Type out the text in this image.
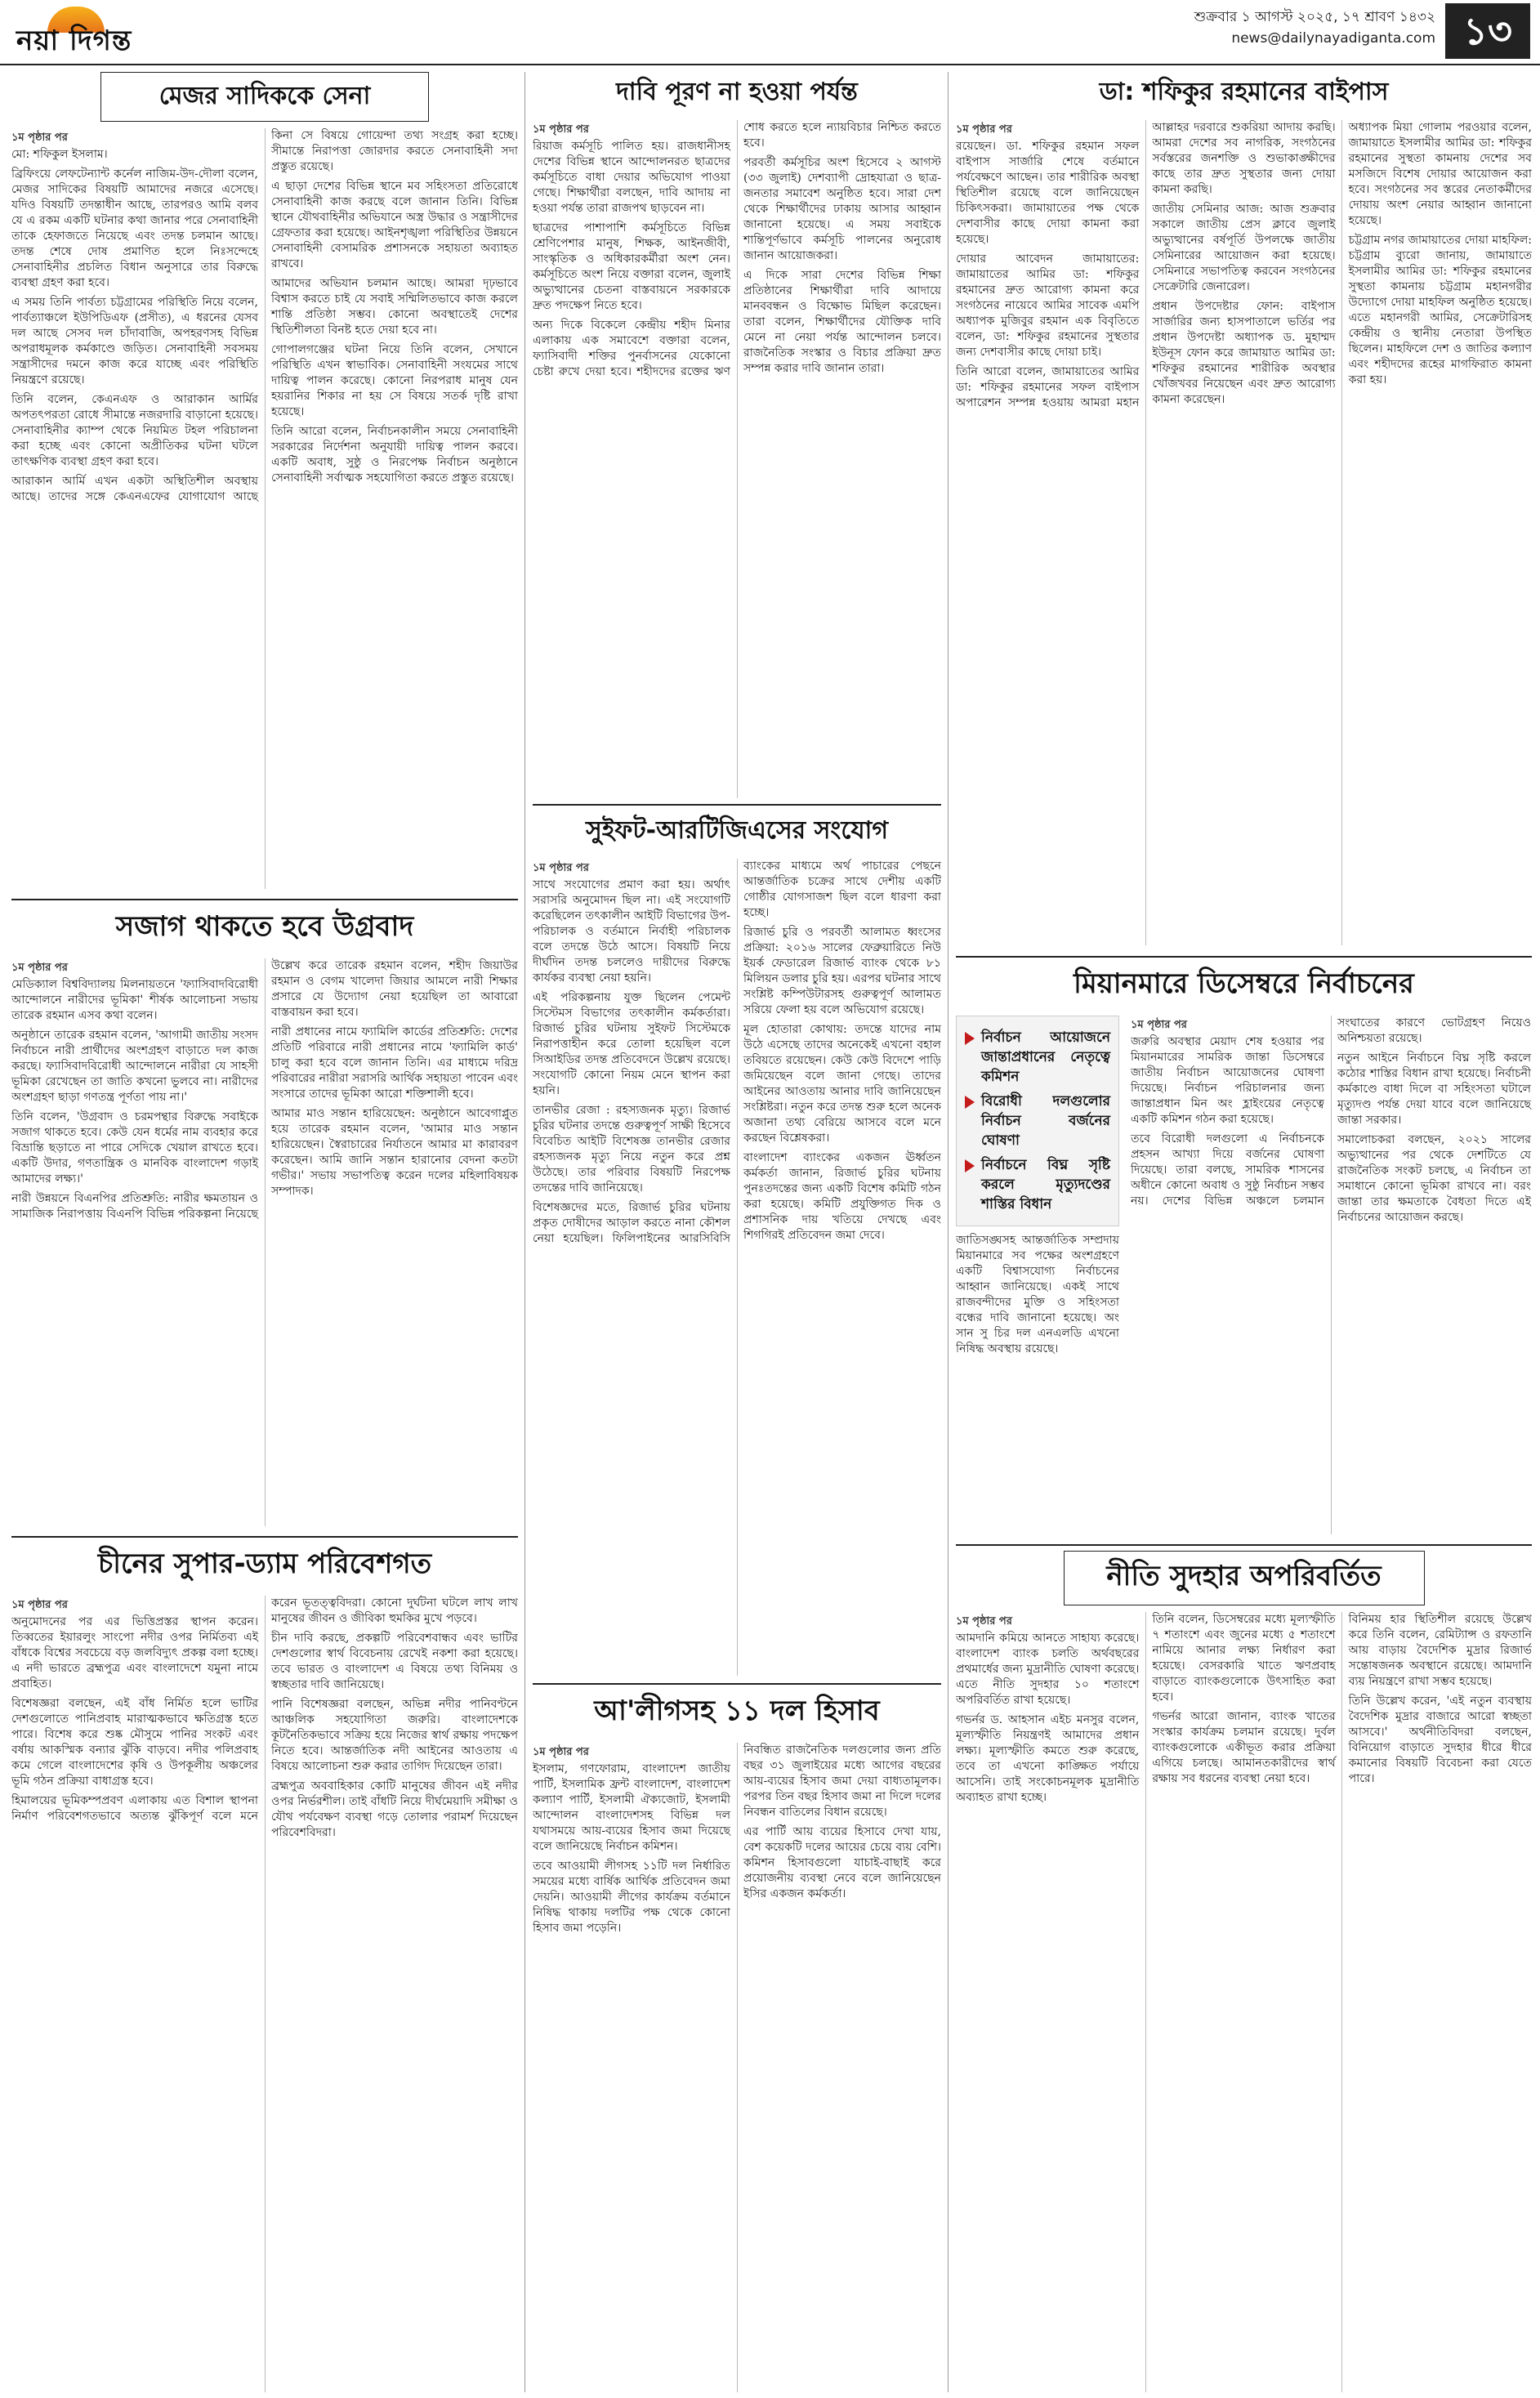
নয়া দিগন্ত
শুক্রবার ১ আগস্ট ২০২৫, ১৭ শ্রাবণ ১৪৩২
news@dailynayadiganta.com ১৩
মেজর সাদিককে সেনা
১ম পৃষ্ঠার পর

মো: শফিকুল ইসলাম।

ব্রিফিংয়ে লেফটেন্যান্ট কর্নেল নাজিম-উদ-দৌলা বলেন, মেজর সাদিকের বিষয়টি আমাদের নজরে এসেছে। যদিও বিষয়টি তদন্তাধীন আছে, তারপরও আমি বলব যে এ রকম একটি ঘটনার কথা জানার পরে সেনাবাহিনী তাকে হেফাজতে নিয়েছে এবং তদন্ত চলমান আছে। তদন্ত শেষে দোষ প্রমাণিত হলে নিঃসন্দেহে সেনাবাহিনীর প্রচলিত বিধান অনুসারে তার বিরুদ্ধে ব্যবস্থা গ্রহণ করা হবে।

এ সময় তিনি পার্বত্য চট্টগ্রামের পরিস্থিতি নিয়ে বলেন, পার্বত্যাঞ্চলে ইউপিডিএফ (প্রসীত), এ ধরনের যেসব দল আছে সেসব দল চাঁদাবাজি, অপহরণসহ বিভিন্ন অপরাধমূলক কর্মকাণ্ডে জড়িত। সেনাবাহিনী সবসময় সন্ত্রাসীদের দমনে কাজ করে যাচ্ছে এবং পরিস্থিতি নিয়ন্ত্রণে রয়েছে।

তিনি বলেন, কেএনএফ ও আরাকান আর্মির অপতৎপরতা রোধে সীমান্তে নজরদারি বাড়ানো হয়েছে। সেনাবাহিনীর ক্যাম্প থেকে নিয়মিত টহল পরিচালনা করা হচ্ছে এবং কোনো অপ্রীতিকর ঘটনা ঘটলে তাৎক্ষণিক ব্যবস্থা গ্রহণ করা হবে।

আরাকান আর্মি এখন একটা অস্থিতিশীল অবস্থায় আছে। তাদের সঙ্গে কেএনএফের যোগাযোগ আছে কিনা সে বিষয়ে গোয়েন্দা তথ্য সংগ্রহ করা হচ্ছে। সীমান্তে নিরাপত্তা জোরদার করতে সেনাবাহিনী সদা প্রস্তুত রয়েছে।

এ ছাড়া দেশের বিভিন্ন স্থানে মব সহিংসতা প্রতিরোধে সেনাবাহিনী কাজ করছে বলে জানান তিনি। বিভিন্ন স্থানে যৌথবাহিনীর অভিযানে অস্ত্র উদ্ধার ও সন্ত্রাসীদের গ্রেফতার করা হয়েছে। আইনশৃঙ্খলা পরিস্থিতির উন্নয়নে সেনাবাহিনী বেসামরিক প্রশাসনকে সহায়তা অব্যাহত রাখবে।

আমাদের অভিযান চলমান আছে। আমরা দৃঢ়ভাবে বিশ্বাস করতে চাই যে সবাই সম্মিলিতভাবে কাজ করলে শান্তি প্রতিষ্ঠা সম্ভব। কোনো অবস্থাতেই দেশের স্থিতিশীলতা বিনষ্ট হতে দেয়া হবে না।

গোপালগঞ্জের ঘটনা নিয়ে তিনি বলেন, সেখানে পরিস্থিতি এখন স্বাভাবিক। সেনাবাহিনী সংযমের সাথে দায়িত্ব পালন করেছে। কোনো নিরপরাধ মানুষ যেন হয়রানির শিকার না হয় সে বিষয়ে সতর্ক দৃষ্টি রাখা হয়েছে।

তিনি আরো বলেন, নির্বাচনকালীন সময়ে সেনাবাহিনী সরকারের নির্দেশনা অনুযায়ী দায়িত্ব পালন করবে। একটি অবাধ, সুষ্ঠু ও নিরপেক্ষ নির্বাচন অনুষ্ঠানে সেনাবাহিনী সর্বাত্মক সহযোগিতা করতে প্রস্তুত রয়েছে।

দাবি পূরণ না হওয়া পর্যন্ত
১ম পৃষ্ঠার পর

রিয়াজ কর্মসূচি পালিত হয়। রাজধানীসহ দেশের বিভিন্ন স্থানে আন্দোলনরত ছাত্রদের কর্মসূচিতে বাধা দেয়ার অভিযোগ পাওয়া গেছে। শিক্ষার্থীরা বলছেন, দাবি আদায় না হওয়া পর্যন্ত তারা রাজপথ ছাড়বেন না।

ছাত্রদের পাশাপাশি কর্মসূচিতে বিভিন্ন শ্রেণিপেশার মানুষ, শিক্ষক, আইনজীবী, সাংস্কৃতিক ও অধিকারকর্মীরা অংশ নেন। কর্মসূচিতে অংশ নিয়ে বক্তারা বলেন, জুলাই অভ্যুত্থানের চেতনা বাস্তবায়নে সরকারকে দ্রুত পদক্ষেপ নিতে হবে।

অন্য দিকে বিকেলে কেন্দ্রীয় শহীদ মিনার এলাকায় এক সমাবেশে বক্তারা বলেন, ফ্যাসিবাদী শক্তির পুনর্বাসনের যেকোনো চেষ্টা রুখে দেয়া হবে। শহীদদের রক্তের ঋণ শোধ করতে হলে ন্যায়বিচার নিশ্চিত করতে হবে।

পরবর্তী কর্মসূচির অংশ হিসেবে ২ আগস্ট (৩৩ জুলাই) দেশব্যাপী দ্রোহযাত্রা ও ছাত্র-জনতার সমাবেশ অনুষ্ঠিত হবে। সারা দেশ থেকে শিক্ষার্থীদের ঢাকায় আসার আহ্বান জানানো হয়েছে। এ সময় সবাইকে শান্তিপূর্ণভাবে কর্মসূচি পালনের অনুরোধ জানান আয়োজকরা।

এ দিকে সারা দেশের বিভিন্ন শিক্ষা প্রতিষ্ঠানের শিক্ষার্থীরা দাবি আদায়ে মানববন্ধন ও বিক্ষোভ মিছিল করেছেন। তারা বলেন, শিক্ষার্থীদের যৌক্তিক দাবি মেনে না নেয়া পর্যন্ত আন্দোলন চলবে। রাজনৈতিক সংস্কার ও বিচার প্রক্রিয়া দ্রুত সম্পন্ন করার দাবি জানান তারা।

ডা: শফিকুর রহমানের বাইপাস
১ম পৃষ্ঠার পর

রয়েছেন। ডা. শফিকুর রহমান সফল বাইপাস সার্জারি শেষে বর্তমানে পর্যবেক্ষণে আছেন। তার শারীরিক অবস্থা স্থিতিশীল রয়েছে বলে জানিয়েছেন চিকিৎসকরা। জামায়াতের পক্ষ থেকে দেশবাসীর কাছে দোয়া কামনা করা হয়েছে।

দোয়ার আবেদন জামায়াতের: জামায়াতের আমির ডা: শফিকুর রহমানের দ্রুত আরোগ্য কামনা করে সংগঠনের নায়েবে আমির সাবেক এমপি অধ্যাপক মুজিবুর রহমান এক বিবৃতিতে বলেন, ডা: শফিকুর রহমানের সুস্থতার জন্য দেশবাসীর কাছে দোয়া চাই।

তিনি আরো বলেন, জামায়াতের আমির ডা: শফিকুর রহমানের সফল বাইপাস অপারেশন সম্পন্ন হওয়ায় আমরা মহান আল্লাহর দরবারে শুকরিয়া আদায় করছি। আমরা দেশের সব নাগরিক, সংগঠনের সর্বস্তরের জনশক্তি ও শুভাকাঙ্ক্ষীদের কাছে তার দ্রুত সুস্থতার জন্য দোয়া কামনা করছি।

জাতীয় সেমিনার আজ: আজ শুক্রবার সকালে জাতীয় প্রেস ক্লাবে জুলাই অভ্যুত্থানের বর্ষপূর্তি উপলক্ষে জাতীয় সেমিনারের আয়োজন করা হয়েছে। সেমিনারে সভাপতিত্ব করবেন সংগঠনের সেক্রেটারি জেনারেল।

প্রধান উপদেষ্টার ফোন: বাইপাস সার্জারির জন্য হাসপাতালে ভর্তির পর প্রধান উপদেষ্টা অধ্যাপক ড. মুহাম্মদ ইউনূস ফোন করে জামায়াত আমির ডা: শফিকুর রহমানের শারীরিক অবস্থার খোঁজখবর নিয়েছেন এবং দ্রুত আরোগ্য কামনা করেছেন।

অধ্যাপক মিয়া গোলাম পরওয়ার বলেন, জামায়াতে ইসলামীর আমির ডা: শফিকুর রহমানের সুস্থতা কামনায় দেশের সব মসজিদে বিশেষ দোয়ার আয়োজন করা হবে। সংগঠনের সব স্তরের নেতাকর্মীদের দোয়ায় অংশ নেয়ার আহ্বান জানানো হয়েছে।

চট্টগ্রাম নগর জামায়াতের দোয়া মাহফিল: চট্টগ্রাম ব্যুরো জানায়, জামায়াতে ইসলামীর আমির ডা: শফিকুর রহমানের সুস্থতা কামনায় চট্টগ্রাম মহানগরীর উদ্যোগে দোয়া মাহফিল অনুষ্ঠিত হয়েছে। এতে মহানগরী আমির, সেক্রেটারিসহ কেন্দ্রীয় ও স্থানীয় নেতারা উপস্থিত ছিলেন। মাহফিলে দেশ ও জাতির কল্যাণ এবং শহীদদের রূহের মাগফিরাত কামনা করা হয়।

সজাগ থাকতে হবে উগ্রবাদ
১ম পৃষ্ঠার পর

মেডিক্যাল বিশ্ববিদ্যালয় মিলনায়তনে 'ফ্যাসিবাদবিরোধী আন্দোলনে নারীদের ভূমিকা' শীর্ষক আলোচনা সভায় তারেক রহমান এসব কথা বলেন।

অনুষ্ঠানে তারেক রহমান বলেন, 'আগামী জাতীয় সংসদ নির্বাচনে নারী প্রার্থীদের অংশগ্রহণ বাড়াতে দল কাজ করছে। ফ্যাসিবাদবিরোধী আন্দোলনে নারীরা যে সাহসী ভূমিকা রেখেছেন তা জাতি কখনো ভুলবে না। নারীদের অংশগ্রহণ ছাড়া গণতন্ত্র পূর্ণতা পায় না।'

তিনি বলেন, 'উগ্রবাদ ও চরমপন্থার বিরুদ্ধে সবাইকে সজাগ থাকতে হবে। কেউ যেন ধর্মের নাম ব্যবহার করে বিভ্রান্তি ছড়াতে না পারে সেদিকে খেয়াল রাখতে হবে। একটি উদার, গণতান্ত্রিক ও মানবিক বাংলাদেশ গড়াই আমাদের লক্ষ্য।'

নারী উন্নয়নে বিএনপির প্রতিশ্রুতি: নারীর ক্ষমতায়ন ও সামাজিক নিরাপত্তায় বিএনপি বিভিন্ন পরিকল্পনা নিয়েছে উল্লেখ করে তারেক রহমান বলেন, শহীদ জিয়াউর রহমান ও বেগম খালেদা জিয়ার আমলে নারী শিক্ষার প্রসারে যে উদ্যোগ নেয়া হয়েছিল তা আবারো বাস্তবায়ন করা হবে।

নারী প্রধানের নামে ফ্যামিলি কার্ডের প্রতিশ্রুতি: দেশের প্রতিটি পরিবারে নারী প্রধানের নামে 'ফ্যামিলি কার্ড' চালু করা হবে বলে জানান তিনি। এর মাধ্যমে দরিদ্র পরিবারের নারীরা সরাসরি আর্থিক সহায়তা পাবেন এবং সংসারে তাদের ভূমিকা আরো শক্তিশালী হবে।

আমার মাও সন্তান হারিয়েছেন: অনুষ্ঠানে আবেগাপ্লুত হয়ে তারেক রহমান বলেন, 'আমার মাও সন্তান হারিয়েছেন। স্বৈরাচারের নির্যাতনে আমার মা কারাবরণ করেছেন। আমি জানি সন্তান হারানোর বেদনা কতটা গভীর।' সভায় সভাপতিত্ব করেন দলের মহিলাবিষয়ক সম্পাদক।

সুইফট-আরটিজিএসের সংযোগ
১ম পৃষ্ঠার পর

সাথে সংযোগের প্রমাণ করা হয়। অর্থাৎ সরাসরি অনুমোদন ছিল না। এই সংযোগটি করেছিলেন তৎকালীন আইটি বিভাগের উপ-পরিচালক ও বর্তমানে নির্বাহী পরিচালক বলে তদন্তে উঠে আসে। বিষয়টি নিয়ে দীর্ঘদিন তদন্ত চললেও দায়ীদের বিরুদ্ধে কার্যকর ব্যবস্থা নেয়া হয়নি।

এই পরিকল্পনায় যুক্ত ছিলেন পেমেন্ট সিস্টেমস বিভাগের তৎকালীন কর্মকর্তারা। রিজার্ভ চুরির ঘটনায় সুইফট সিস্টেমকে নিরাপত্তাহীন করে তোলা হয়েছিল বলে সিআইডির তদন্ত প্রতিবেদনে উল্লেখ রয়েছে। সংযোগটি কোনো নিয়ম মেনে স্থাপন করা হয়নি।

তানভীর রেজা : রহস্যজনক মৃত্যু। রিজার্ভ চুরির ঘটনার তদন্তে গুরুত্বপূর্ণ সাক্ষী হিসেবে বিবেচিত আইটি বিশেষজ্ঞ তানভীর রেজার রহস্যজনক মৃত্যু নিয়ে নতুন করে প্রশ্ন উঠেছে। তার পরিবার বিষয়টি নিরপেক্ষ তদন্তের দাবি জানিয়েছে।

বিশেষজ্ঞদের মতে, রিজার্ভ চুরির ঘটনায় প্রকৃত দোষীদের আড়াল করতে নানা কৌশল নেয়া হয়েছিল। ফিলিপাইনের আরসিবিসি ব্যাংকের মাধ্যমে অর্থ পাচারের পেছনে আন্তর্জাতিক চক্রের সাথে দেশীয় একটি গোষ্ঠীর যোগসাজশ ছিল বলে ধারণা করা হচ্ছে।

রিজার্ভ চুরি ও পরবর্তী আলামত ধ্বংসের প্রক্রিয়া: ২০১৬ সালের ফেব্রুয়ারিতে নিউ ইয়র্ক ফেডারেল রিজার্ভ ব্যাংক থেকে ৮১ মিলিয়ন ডলার চুরি হয়। এরপর ঘটনার সাথে সংশ্লিষ্ট কম্পিউটারসহ গুরুত্বপূর্ণ আলামত সরিয়ে ফেলা হয় বলে অভিযোগ রয়েছে।

মূল হোতারা কোথায়: তদন্তে যাদের নাম উঠে এসেছে তাদের অনেকেই এখনো বহাল তবিয়তে রয়েছেন। কেউ কেউ বিদেশে পাড়ি জমিয়েছেন বলে জানা গেছে। তাদের আইনের আওতায় আনার দাবি জানিয়েছেন সংশ্লিষ্টরা। নতুন করে তদন্ত শুরু হলে অনেক অজানা তথ্য বেরিয়ে আসবে বলে মনে করছেন বিশ্লেষকরা।

বাংলাদেশ ব্যাংকের একজন ঊর্ধ্বতন কর্মকর্তা জানান, রিজার্ভ চুরির ঘটনায় পুনঃতদন্তের জন্য একটি বিশেষ কমিটি গঠন করা হয়েছে। কমিটি প্রযুক্তিগত দিক ও প্রশাসনিক দায় খতিয়ে দেখছে এবং শিগগিরই প্রতিবেদন জমা দেবে।

মিয়ানমারে ডিসেম্বরে নির্বাচনের
নির্বাচন আয়োজনে জান্তাপ্রধানের নেতৃত্বে কমিশন
বিরোধী দলগুলোর নির্বাচন বর্জনের ঘোষণা
নির্বাচনে বিঘ্ন সৃষ্টি করলে মৃত্যুদণ্ডের শাস্তির বিধান

জাতিসঙ্ঘসহ আন্তর্জাতিক সম্প্রদায় মিয়ানমারে সব পক্ষের অংশগ্রহণে একটি বিশ্বাসযোগ্য নির্বাচনের আহ্বান জানিয়েছে। একই সাথে রাজবন্দীদের মুক্তি ও সহিংসতা বন্ধের দাবি জানানো হয়েছে। অং সান সু চির দল এনএলডি এখনো নিষিদ্ধ অবস্থায় রয়েছে।

১ম পৃষ্ঠার পর

জরুরি অবস্থার মেয়াদ শেষ হওয়ার পর মিয়ানমারের সামরিক জান্তা ডিসেম্বরে জাতীয় নির্বাচন আয়োজনের ঘোষণা দিয়েছে। নির্বাচন পরিচালনার জন্য জান্তাপ্রধান মিন অং হ্লাইংয়ের নেতৃত্বে একটি কমিশন গঠন করা হয়েছে।

তবে বিরোধী দলগুলো এ নির্বাচনকে প্রহসন আখ্যা দিয়ে বর্জনের ঘোষণা দিয়েছে। তারা বলছে, সামরিক শাসনের অধীনে কোনো অবাধ ও সুষ্ঠু নির্বাচন সম্ভব নয়। দেশের বিভিন্ন অঞ্চলে চলমান সংঘাতের কারণে ভোটগ্রহণ নিয়েও অনিশ্চয়তা রয়েছে।

নতুন আইনে নির্বাচনে বিঘ্ন সৃষ্টি করলে কঠোর শাস্তির বিধান রাখা হয়েছে। নির্বাচনী কর্মকাণ্ডে বাধা দিলে বা সহিংসতা ঘটালে মৃত্যুদণ্ড পর্যন্ত দেয়া যাবে বলে জানিয়েছে জান্তা সরকার।

সমালোচকরা বলছেন, ২০২১ সালের অভ্যুত্থানের পর থেকে দেশটিতে যে রাজনৈতিক সংকট চলছে, এ নির্বাচন তা সমাধানে কোনো ভূমিকা রাখবে না। বরং জান্তা তার ক্ষমতাকে বৈধতা দিতে এই নির্বাচনের আয়োজন করছে।

চীনের সুপার-ড্যাম পরিবেশগত
১ম পৃষ্ঠার পর

অনুমোদনের পর এর ভিত্তিপ্রস্তর স্থাপন করেন। তিব্বতের ইয়ারলুং সাংপো নদীর ওপর নির্মিতব্য এই বাঁধকে বিশ্বের সবচেয়ে বড় জলবিদ্যুৎ প্রকল্প বলা হচ্ছে। এ নদী ভারতে ব্রহ্মপুত্র এবং বাংলাদেশে যমুনা নামে প্রবাহিত।

বিশেষজ্ঞরা বলছেন, এই বাঁধ নির্মিত হলে ভাটির দেশগুলোতে পানিপ্রবাহ মারাত্মকভাবে ক্ষতিগ্রস্ত হতে পারে। বিশেষ করে শুষ্ক মৌসুমে পানির সংকট এবং বর্ষায় আকস্মিক বন্যার ঝুঁকি বাড়বে। নদীর পলিপ্রবাহ কমে গেলে বাংলাদেশের কৃষি ও উপকূলীয় অঞ্চলের ভূমি গঠন প্রক্রিয়া বাধাগ্রস্ত হবে।

হিমালয়ের ভূমিকম্পপ্রবণ এলাকায় এত বিশাল স্থাপনা নির্মাণ পরিবেশগতভাবে অত্যন্ত ঝুঁকিপূর্ণ বলে মনে করেন ভূতত্ত্ববিদরা। কোনো দুর্ঘটনা ঘটলে লাখ লাখ মানুষের জীবন ও জীবিকা হুমকির মুখে পড়বে।

চীন দাবি করছে, প্রকল্পটি পরিবেশবান্ধব এবং ভাটির দেশগুলোর স্বার্থ বিবেচনায় রেখেই নকশা করা হয়েছে। তবে ভারত ও বাংলাদেশ এ বিষয়ে তথ্য বিনিময় ও স্বচ্ছতার দাবি জানিয়েছে।

পানি বিশেষজ্ঞরা বলছেন, অভিন্ন নদীর পানিবণ্টনে আঞ্চলিক সহযোগিতা জরুরি। বাংলাদেশকে কূটনৈতিকভাবে সক্রিয় হয়ে নিজের স্বার্থ রক্ষায় পদক্ষেপ নিতে হবে। আন্তর্জাতিক নদী আইনের আওতায় এ বিষয়ে আলোচনা শুরু করার তাগিদ দিয়েছেন তারা।

ব্রহ্মপুত্র অববাহিকার কোটি মানুষের জীবন এই নদীর ওপর নির্ভরশীল। তাই বাঁধটি নিয়ে দীর্ঘমেয়াদি সমীক্ষা ও যৌথ পর্যবেক্ষণ ব্যবস্থা গড়ে তোলার পরামর্শ দিয়েছেন পরিবেশবিদরা।

আ'লীগসহ ১১ দল হিসাব
১ম পৃষ্ঠার পর

ইসলাম, গণফোরাম, বাংলাদেশ জাতীয় পার্টি, ইসলামিক ফ্রন্ট বাংলাদেশ, বাংলাদেশ কল্যাণ পার্টি, ইসলামী ঐক্যজোট, ইসলামী আন্দোলন বাংলাদেশসহ বিভিন্ন দল যথাসময়ে আয়-ব্যয়ের হিসাব জমা দিয়েছে বলে জানিয়েছে নির্বাচন কমিশন।

তবে আওয়ামী লীগসহ ১১টি দল নির্ধারিত সময়ের মধ্যে বার্ষিক আর্থিক প্রতিবেদন জমা দেয়নি। আওয়ামী লীগের কার্যক্রম বর্তমানে নিষিদ্ধ থাকায় দলটির পক্ষ থেকে কোনো হিসাব জমা পড়েনি।

নিবন্ধিত রাজনৈতিক দলগুলোর জন্য প্রতি বছর ৩১ জুলাইয়ের মধ্যে আগের বছরের আয়-ব্যয়ের হিসাব জমা দেয়া বাধ্যতামূলক। পরপর তিন বছর হিসাব জমা না দিলে দলের নিবন্ধন বাতিলের বিধান রয়েছে।

এর পার্টি আয় ব্যয়ের হিসাবে দেখা যায়, বেশ কয়েকটি দলের আয়ের চেয়ে ব্যয় বেশি। কমিশন হিসাবগুলো যাচাই-বাছাই করে প্রয়োজনীয় ব্যবস্থা নেবে বলে জানিয়েছেন ইসির একজন কর্মকর্তা।

নীতি সুদহার অপরিবর্তিত
১ম পৃষ্ঠার পর

আমদানি কমিয়ে আনতে সাহায্য করেছে। বাংলাদেশ ব্যাংক চলতি অর্থবছরের প্রথমার্ধের জন্য মুদ্রানীতি ঘোষণা করেছে। এতে নীতি সুদহার ১০ শতাংশে অপরিবর্তিত রাখা হয়েছে।

গভর্নর ড. আহসান এইচ মনসুর বলেন, মূল্যস্ফীতি নিয়ন্ত্রণই আমাদের প্রধান লক্ষ্য। মূল্যস্ফীতি কমতে শুরু করেছে, তবে তা এখনো কাঙ্ক্ষিত পর্যায়ে আসেনি। তাই সংকোচনমূলক মুদ্রানীতি অব্যাহত রাখা হচ্ছে।

তিনি বলেন, ডিসেম্বরের মধ্যে মূল্যস্ফীতি ৭ শতাংশে এবং জুনের মধ্যে ৫ শতাংশে নামিয়ে আনার লক্ষ্য নির্ধারণ করা হয়েছে। বেসরকারি খাতে ঋণপ্রবাহ বাড়াতে ব্যাংকগুলোকে উৎসাহিত করা হবে।

গভর্নর আরো জানান, ব্যাংক খাতের সংস্কার কার্যক্রম চলমান রয়েছে। দুর্বল ব্যাংকগুলোকে একীভূত করার প্রক্রিয়া এগিয়ে চলছে। আমানতকারীদের স্বার্থ রক্ষায় সব ধরনের ব্যবস্থা নেয়া হবে।

বিনিময় হার স্থিতিশীল রয়েছে উল্লেখ করে তিনি বলেন, রেমিট্যান্স ও রফতানি আয় বাড়ায় বৈদেশিক মুদ্রার রিজার্ভ সন্তোষজনক অবস্থানে রয়েছে। আমদানি ব্যয় নিয়ন্ত্রণে রাখা সম্ভব হয়েছে।

তিনি উল্লেখ করেন, 'এই নতুন ব্যবস্থায় বৈদেশিক মুদ্রার বাজারে আরো স্বচ্ছতা আসবে।' অর্থনীতিবিদরা বলছেন, বিনিয়োগ বাড়াতে সুদহার ধীরে ধীরে কমানোর বিষয়টি বিবেচনা করা যেতে পারে।
